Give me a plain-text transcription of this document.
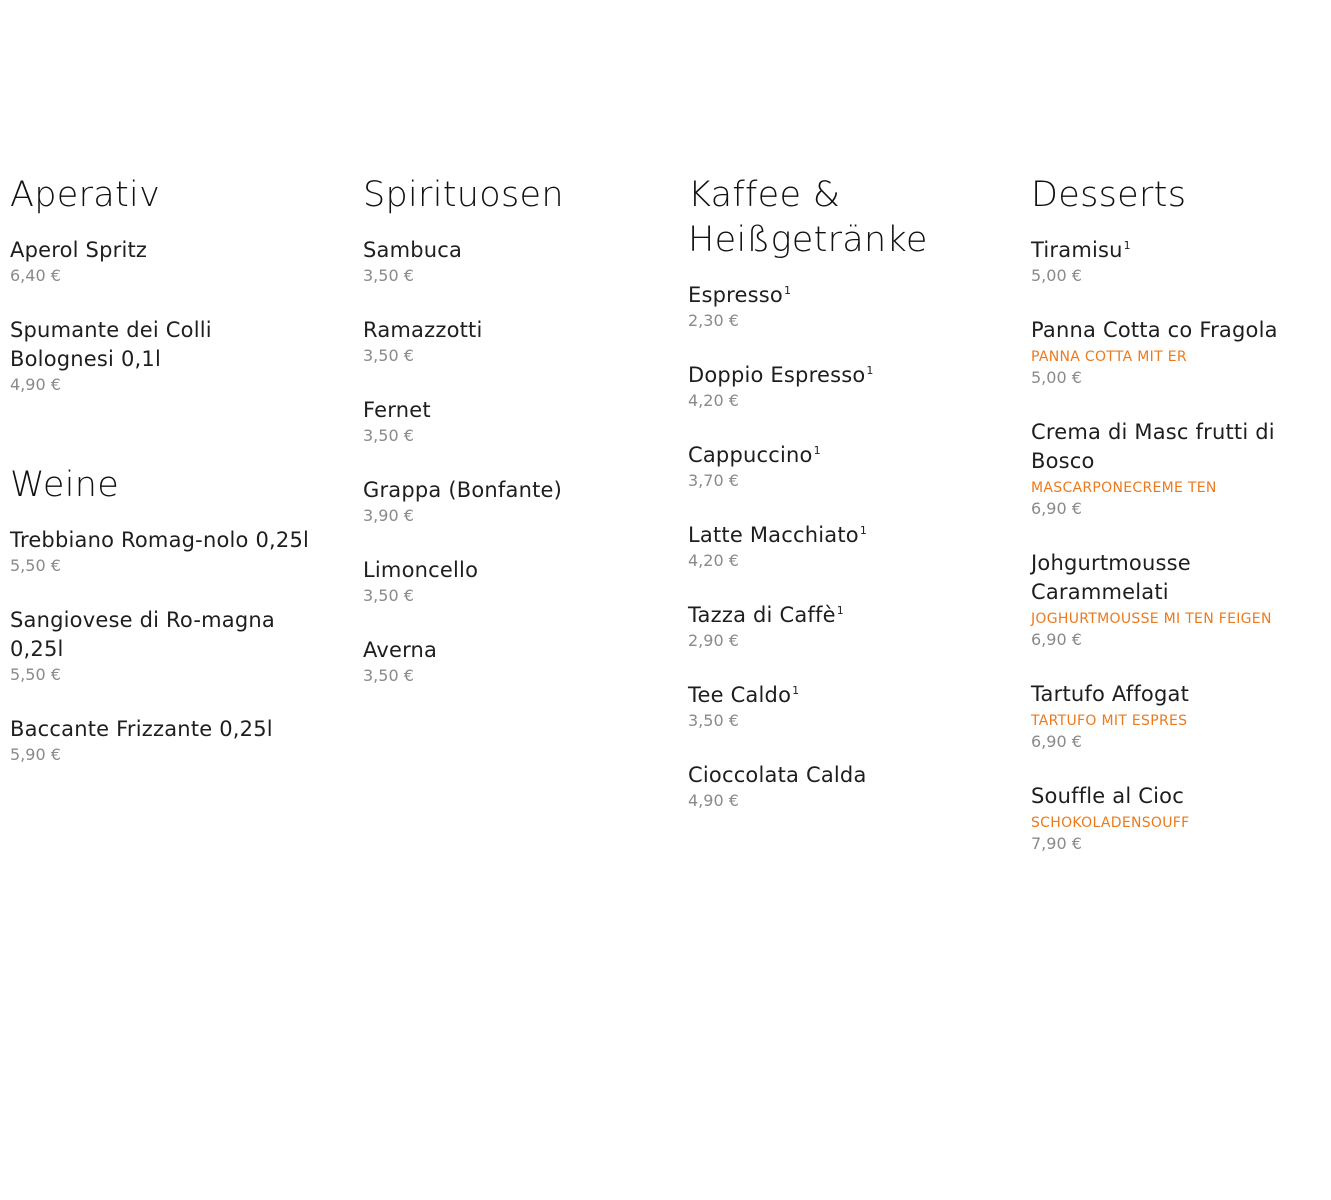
Aperativ
Aperol Spritz
6,40 €
Spumante dei Colli Bolognesi 0,1l
4,90 €
Weine
Trebbiano Romag-nolo 0,25l
5,50 €
Sangiovese di Ro-magna 0,25l
5,50 €
Baccante Frizzante 0,25l
5,90 €
Spirituosen
Sambuca
3,50 €
Ramazzotti
3,50 €
Fernet
3,50 €
Grappa (Bonfante)
3,90 €
Limoncello
3,50 €
Averna
3,50 €
Kaffee & Heißgetränke
Espresso$^1$
2,30 €
Doppio Espresso$^1$
4,20 €
Cappuccino$^1$
3,70 €
Latte Macchiato$^1$
4,20 €
Tazza di Caffè$^1$
2,90 €
Tee Caldo$^1$
3,50 €
Cioccolata Calda
4,90 €
Desserts
Tiramisu$^1$
5,00 €
Panna Cotta co Fragola
PANNA COTTA MIT ER
5,00 €
Crema di Masc frutti di Bosco
MASCARPONECREME TEN
6,90 €
Johgurtmousse Carammelati
JOGHURTMOUSSE MI TEN FEIGEN
6,90 €
Tartufo Affogat
TARTUFO MIT ESPRES
6,90 €
Souffle al Cioc
SCHOKOLADENSOUFF
7,90 €
